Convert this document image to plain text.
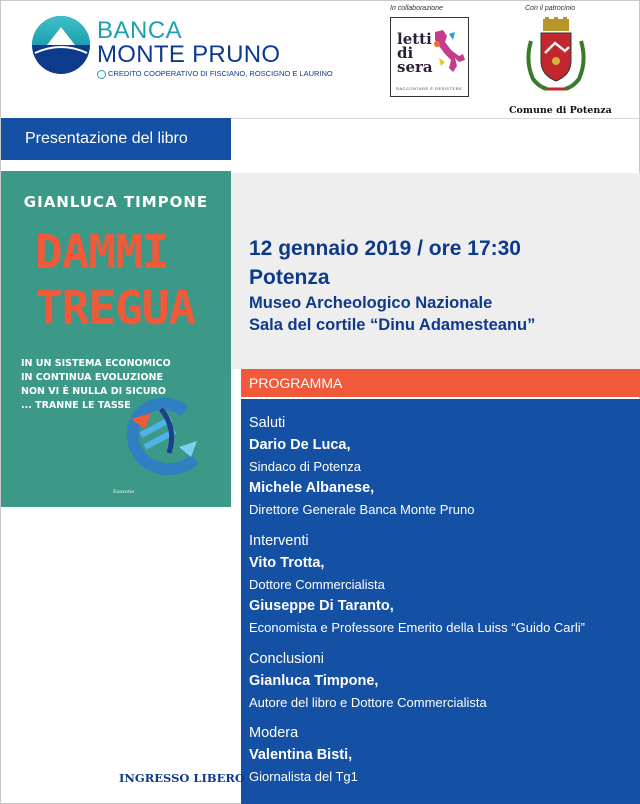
BANCA
MONTE PRUNO
CREDITO COOPERATIVO DI FISCIANO, ROSCIGNO E LAURINO
In collaborazione
letti
di
sera
RACCONTARE È RESISTERE
Con il patrocinio
Comune di Potenza
Presentazione del libro
GIANLUCA TIMPONE
DAMMI
TREGUA
IN UN SISTEMA ECONOMICO
IN CONTINUA EVOLUZIONE
NON VI È NULLA DI SICURO
... TRANNE LE TASSE
Ezezone
12 gennaio 2019 / ore 17:30
Potenza
Museo Archeologico Nazionale
Sala del cortile “Dinu Adamesteanu”
PROGRAMMA
Saluti
Dario De Luca,
Sindaco di Potenza
Michele Albanese,
Direttore Generale Banca Monte Pruno
Interventi
Vito Trotta,
Dottore Commercialista
Giuseppe Di Taranto,
Economista e Professore Emerito della Luiss “Guido Carli”
Conclusioni
Gianluca Timpone,
Autore del libro e Dottore Commercialista
Modera
Valentina Bisti,
Giornalista del Tg1
INGRESSO LIBERO
